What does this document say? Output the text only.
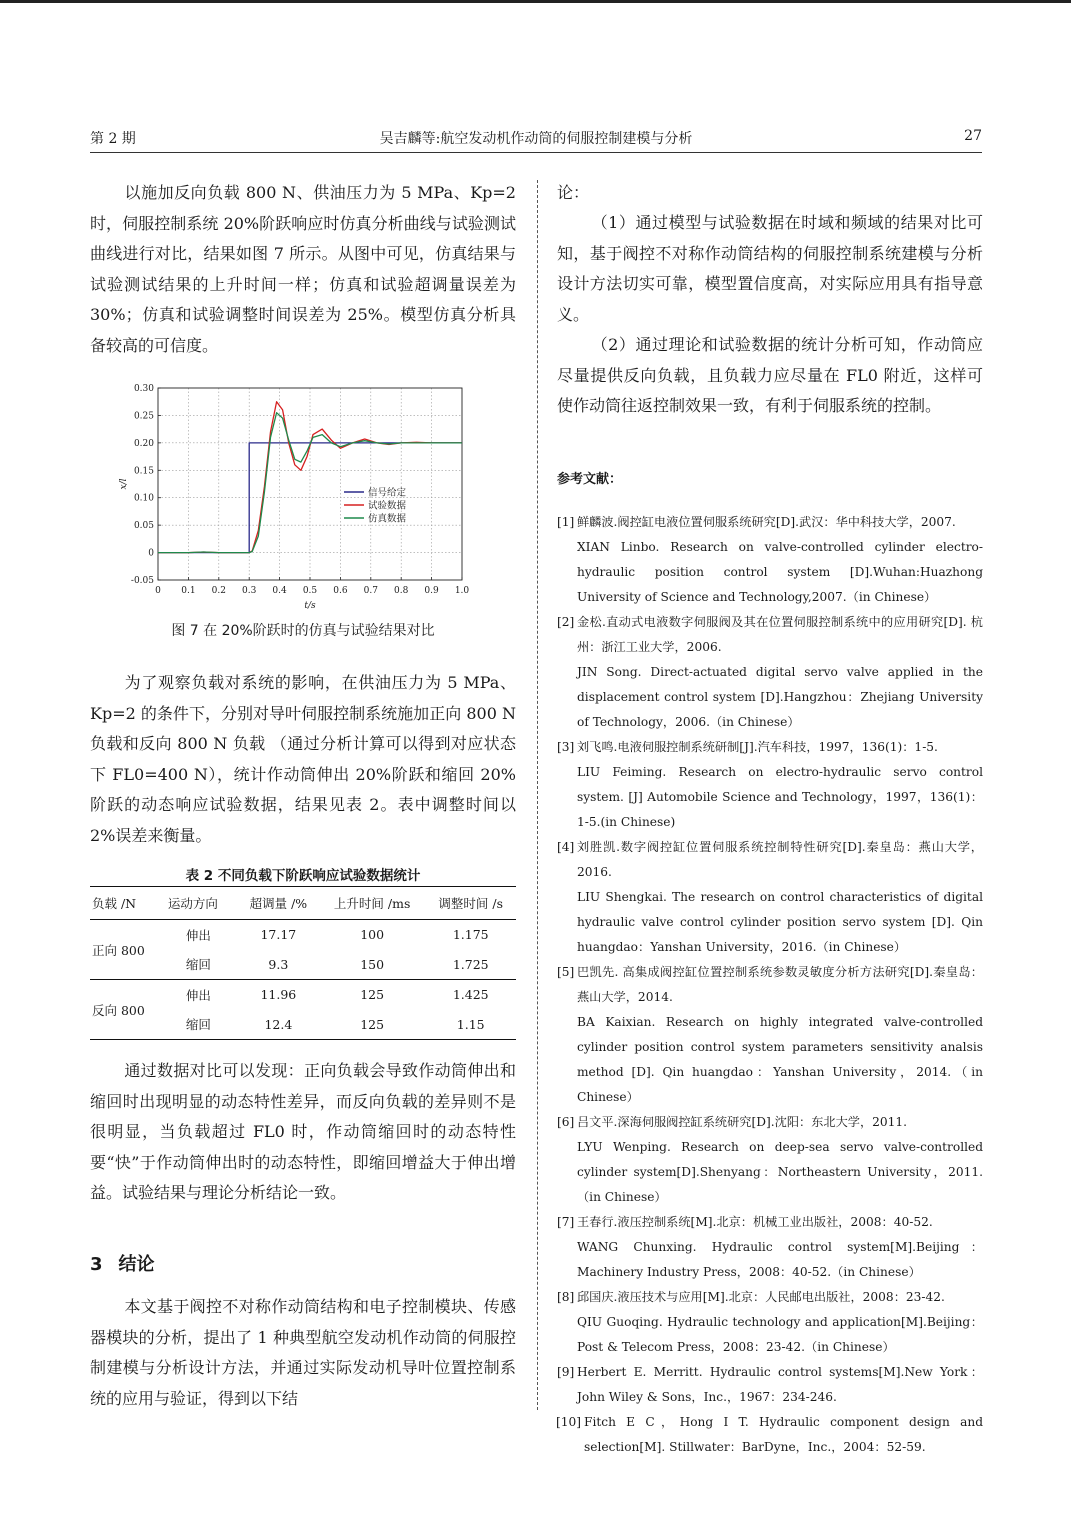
第 2 期	吴吉麟等:航空发动机作动筒的伺服控制建模与分析	27

以施加反向负载 800 N、供油压力为 5 MPa、Kp=2 时，伺服控制系统 20%阶跃响应时仿真分析曲线与试验测试曲线进行对比，结果如图 7 所示。从图中可见，仿真结果与试验测试结果的上升时间一样；仿真和试验超调量误差为 30%；仿真和试验调整时间误差为 25%。模型仿真分析具备较高的可信度。

0 0.1 0.2 0.3 0.4 0.5 0.6 0.7 0.8 0.9 1.0
-0.05
0
0.05
0.10
0.15
0.20
0.25
0.30
t/s
x/l
信号给定
试验数据
仿真数据
图 7 在 20%阶跃时的仿真与试验结果对比

为了观察负载对系统的影响，在供油压力为 5 MPa、Kp=2 的条件下，分别对导叶伺服控制系统施加正向 800 N 负载和反向 800 N 负载 （通过分析计算可以得到对应状态下 FL0=400 N），统计作动筒伸出 20%阶跃和缩回 20%阶跃的动态响应试验数据，结果见表 2。表中调整时间以 2%误差来衡量。

表 2 不同负载下阶跃响应试验数据统计
负载 /N	运动方向	超调量 /%	上升时间 /ms	调整时间 /s
正向 800	伸出	17.17	100	1.175
	缩回	9.3	150	1.725
反向 800	伸出	11.96	125	1.425
	缩回	12.4	125	1.15

通过数据对比可以发现：正向负载会导致作动筒伸出和缩回时出现明显的动态特性差异，而反向负载的差异则不是很明显，当负载超过 FL0 时，作动筒缩回时的动态特性要“快”于作动筒伸出时的动态特性，即缩回增益大于伸出增益。试验结果与理论分析结论一致。

3 结论

本文基于阀控不对称作动筒结构和电子控制模块、传感器模块的分析，提出了 1 种典型航空发动机作动筒的伺服控制建模与分析设计方法，并通过实际发动机导叶位置控制系统的应用与验证，得到以下结

论：

（1）通过模型与试验数据在时域和频域的结果对比可知，基于阀控不对称作动筒结构的伺服控制系统建模与分析设计方法切实可靠，模型置信度高，对实际应用具有指导意义。

（2）通过理论和试验数据的统计分析可知，作动筒应尽量提供反向负载，且负载力应尽量在 FL0 附近，这样可使作动筒往返控制效果一致，有利于伺服系统的控制。

参考文献：
[1] 鲜麟波.阀控缸电液位置伺服系统研究[D].武汉：华中科技大学，2007.
XIAN Linbo. Research on valve-controlled cylinder electro-hydraulic position control system [D].Wuhan:Huazhong University of Science and Technology,2007.（in Chinese）
[2] 金松.直动式电液数字伺服阀及其在位置伺服控制系统中的应用研究[D]. 杭州：浙江工业大学，2006.
JIN Song. Direct-actuated digital servo valve applied in the displacement control system [D].Hangzhou：Zhejiang University of Technology，2006.（in Chinese）
[3] 刘飞鸣.电液伺服控制系统研制[J].汽车科技，1997，136(1)：1-5.
LIU Feiming. Research on electro-hydraulic servo control system. [J] Automobile Science and Technology，1997，136(1)：1-5.(in Chinese)
[4] 刘胜凯.数字阀控缸位置伺服系统控制特性研究[D].秦皇岛：燕山大学，2016.
LIU Shengkai. The research on control characteristics of digital hydraulic valve control cylinder position servo system [D]. Qin huangdao：Yanshan University，2016.（in Chinese）
[5] 巴凯先. 高集成阀控缸位置控制系统参数灵敏度分析方法研究[D].秦皇岛：燕山大学，2014.
BA Kaixian. Research on highly integrated valve-controlled cylinder position control system parameters sensitivity analsis method [D]. Qin huangdao：Yanshan University，2014.（in Chinese）
[6] 吕文平.深海伺服阀控缸系统研究[D].沈阳：东北大学，2011.
LYU Wenping. Research on deep-sea servo valve-controlled cylinder system[D].Shenyang：Northeastern University，2011.（in Chinese）
[7] 王春行.液压控制系统[M].北京：机械工业出版社，2008：40-52.
WANG Chunxing. Hydraulic control system[M].Beijing：Machinery Industry Press，2008：40-52.（in Chinese）
[8] 邱国庆.液压技术与应用[M].北京：人民邮电出版社，2008：23-42.
QIU Guoqing. Hydraulic technology and application[M].Beijing：Post & Telecom Press，2008：23-42.（in Chinese）
[9] Herbert E. Merritt. Hydraulic control systems[M].New York：John Wiley & Sons，Inc.，1967：234-246.
[10] Fitch E C，Hong I T. Hydraulic component design and selection[M]. Stillwater：BarDyne，Inc.，2004：52-59.
